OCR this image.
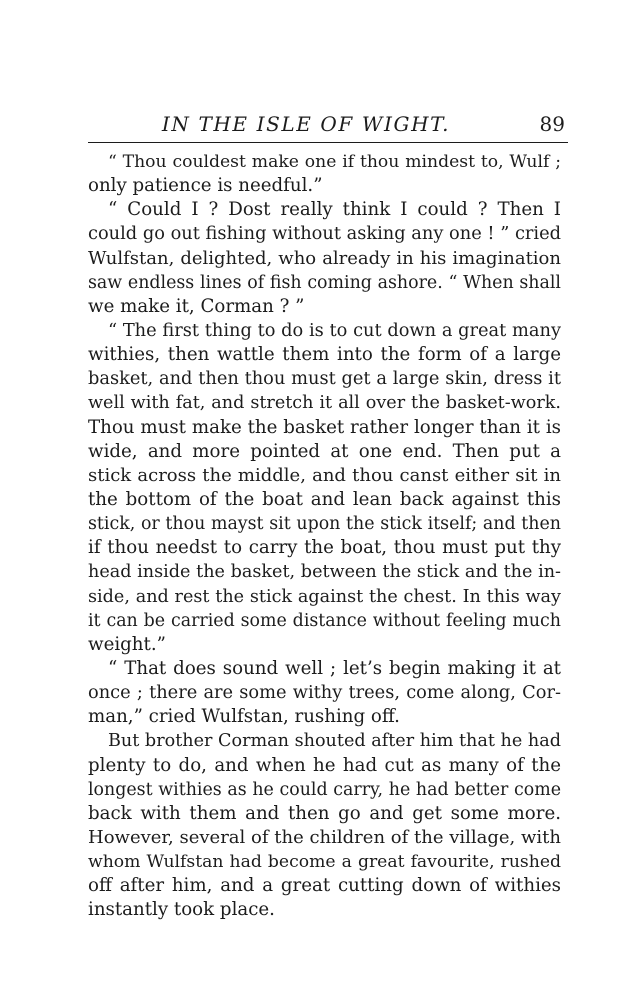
IN THE ISLE OF WIGHT.	89
“ Thou couldest make one if thou mindest to, Wulf ;
only patience is needful.”
“ Could I ? Dost really think I could ? Then I
could go out fishing without asking any one ! ” cried
Wulfstan, delighted, who already in his imagination
saw endless lines of fish coming ashore. “ When shall
we make it, Corman ? ”
“ The first thing to do is to cut down a great many
withies, then wattle them into the form of a large
basket, and then thou must get a large skin, dress it
well with fat, and stretch it all over the basket-work.
Thou must make the basket rather longer than it is
wide, and more pointed at one end. Then put a
stick across the middle, and thou canst either sit in
the bottom of the boat and lean back against this
stick, or thou mayst sit upon the stick itself; and then
if thou needst to carry the boat, thou must put thy
head inside the basket, between the stick and the in-
side, and rest the stick against the chest. In this way
it can be carried some distance without feeling much
weight.”
“ That does sound well ; let’s begin making it at
once ; there are some withy trees, come along, Cor-
man,” cried Wulfstan, rushing off.
But brother Corman shouted after him that he had
plenty to do, and when he had cut as many of the
longest withies as he could carry, he had better come
back with them and then go and get some more.
However, several of the children of the village, with
whom Wulfstan had become a great favourite, rushed
off after him, and a great cutting down of withies
instantly took place.
